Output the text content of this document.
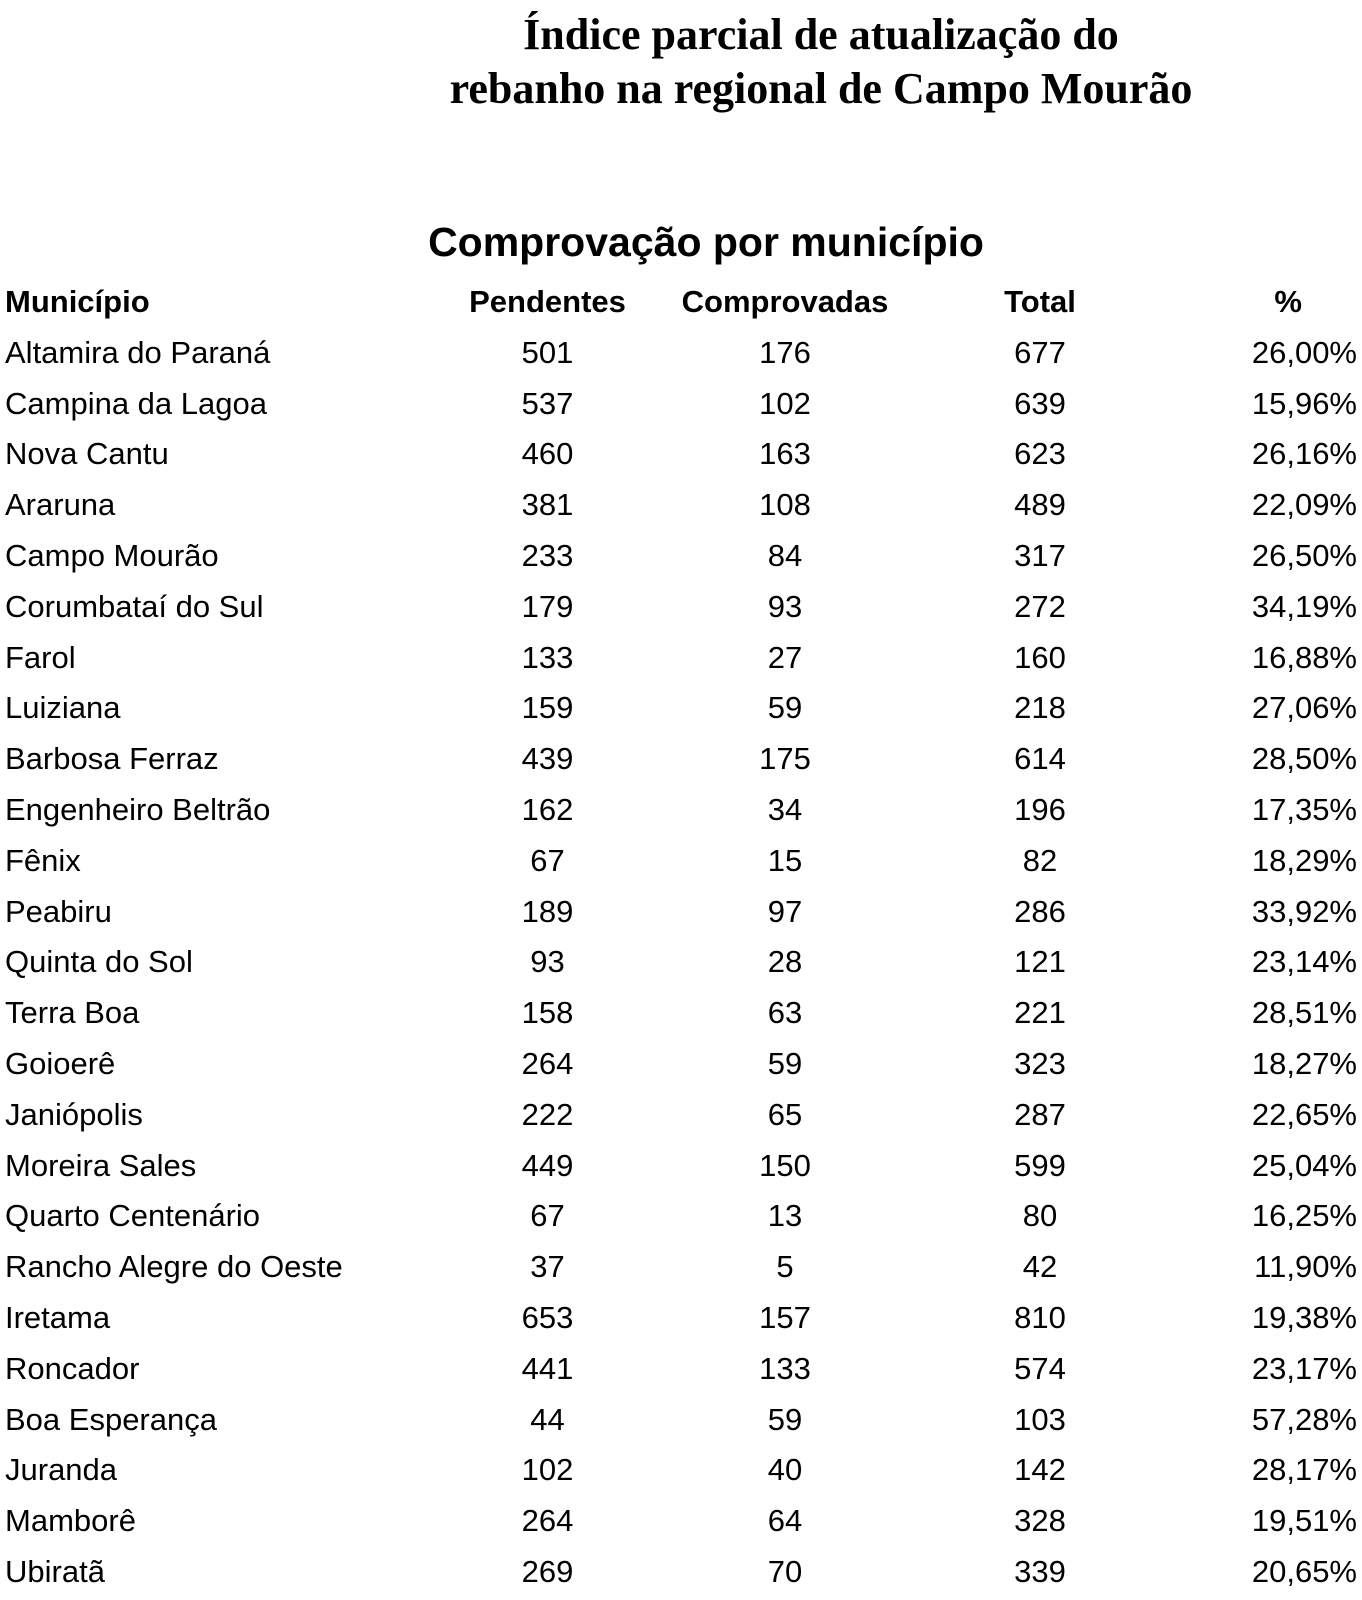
Índice parcial de atualização do
rebanho na regional de Campo Mourão
Comprovação por município
Município	Pendentes	Comprovadas	Total	%
Altamira do Paraná	501	176	677	26,00%
Campina da Lagoa	537	102	639	15,96%
Nova Cantu	460	163	623	26,16%
Araruna	381	108	489	22,09%
Campo Mourão	233	84	317	26,50%
Corumbataí do Sul	179	93	272	34,19%
Farol	133	27	160	16,88%
Luiziana	159	59	218	27,06%
Barbosa Ferraz	439	175	614	28,50%
Engenheiro Beltrão	162	34	196	17,35%
Fênix	67	15	82	18,29%
Peabiru	189	97	286	33,92%
Quinta do Sol	93	28	121	23,14%
Terra Boa	158	63	221	28,51%
Goioerê	264	59	323	18,27%
Janiópolis	222	65	287	22,65%
Moreira Sales	449	150	599	25,04%
Quarto Centenário	67	13	80	16,25%
Rancho Alegre do Oeste	37	5	42	11,90%
Iretama	653	157	810	19,38%
Roncador	441	133	574	23,17%
Boa Esperança	44	59	103	57,28%
Juranda	102	40	142	28,17%
Mamborê	264	64	328	19,51%
Ubiratã	269	70	339	20,65%
